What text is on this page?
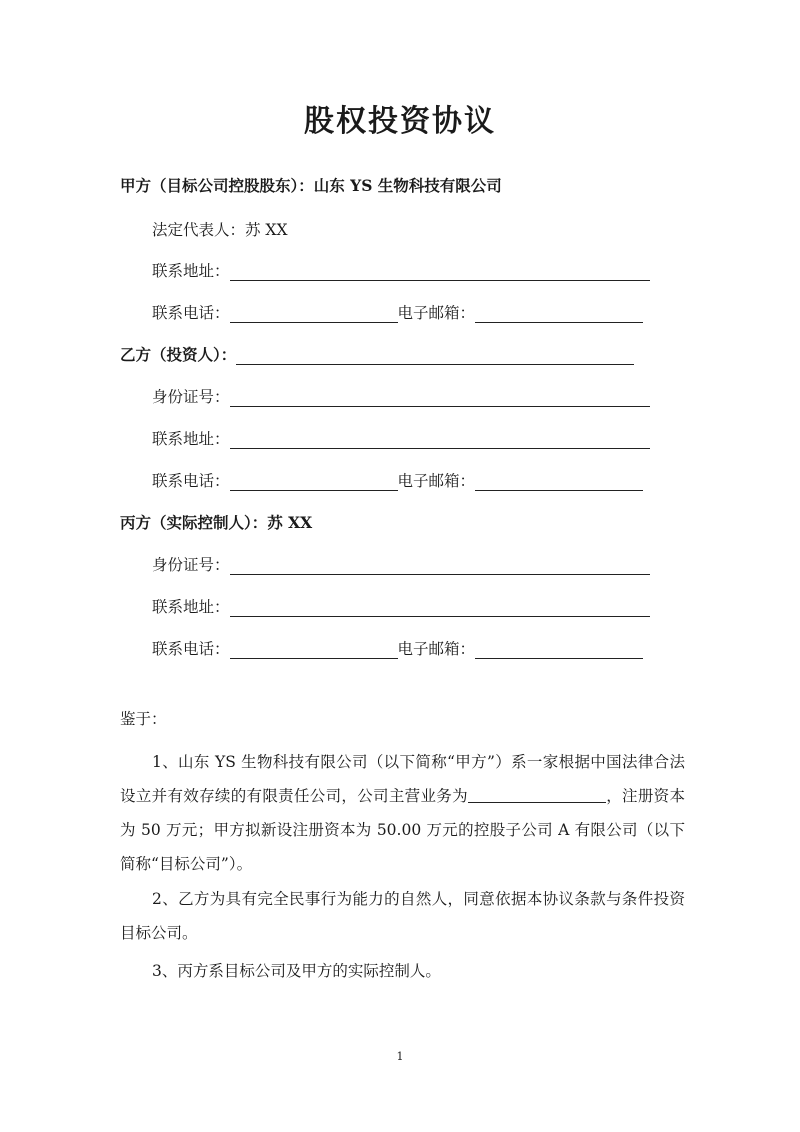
股权投资协议
甲方（目标公司控股股东）：山东 YS 生物科技有限公司
法定代表人：苏 XX
联系地址：
联系电话：	电子邮箱：
乙方（投资人）：
身份证号：
联系地址：
联系电话：	电子邮箱：
丙方（实际控制人）：苏 XX
身份证号：
联系地址：
联系电话：	电子邮箱：

鉴于：

1、山东 YS 生物科技有限公司（以下简称“甲方”）系一家根据中国法律合法设立并有效存续的有限责任公司，公司主营业务为	，注册资本为 50 万元；甲方拟新设注册资本为 50.00 万元的控股子公司 A 有限公司（以下简称“目标公司”）。

2、乙方为具有完全民事行为能力的自然人，同意依据本协议条款与条件投资目标公司。

3、丙方系目标公司及甲方的实际控制人。

1
